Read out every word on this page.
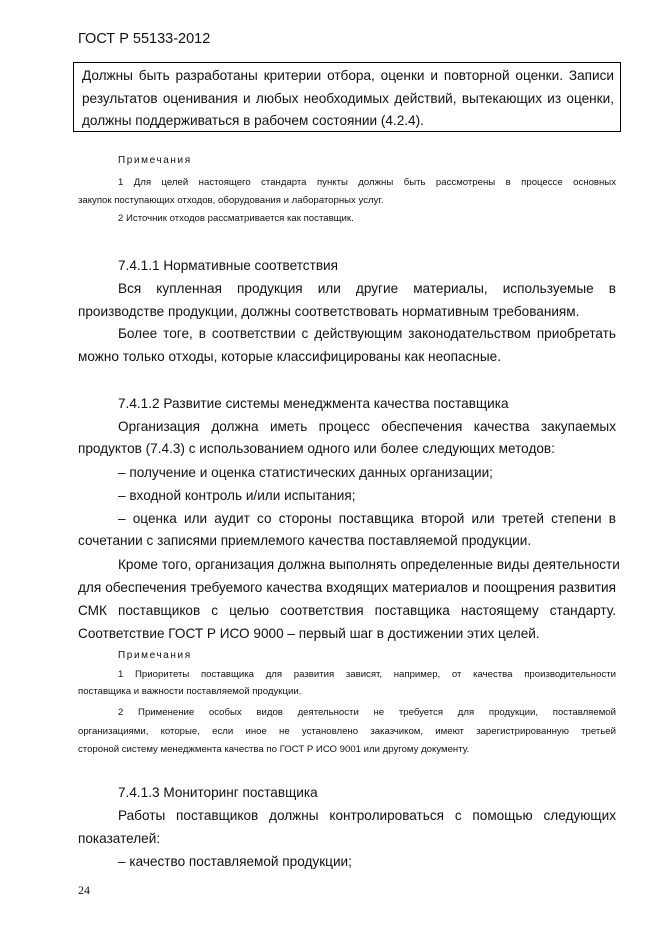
ГОСТ Р 55133-2012

Должны быть разработаны критерии отбора, оценки и повторной оценки. Записи результатов оценивания и любых необходимых действий, вытекающих из оценки, должны поддерживаться в рабочем состоянии (4.2.4).

Примечания
1 Для целей настоящего стандарта пункты должны быть рассмотрены в процессе основных
закупок поступающих отходов, оборудования и лабораторных услуг.
2 Источник отходов рассматривается как поставщик.
7.4.1.1 Нормативные соответствия
Вся купленная продукция или другие материалы, используемые в
производстве продукции, должны соответствовать нормативным требованиям.
Более тоге, в соответствии с действующим законодательством приобретать
можно только отходы, которые классифицированы как неопасные.
7.4.1.2 Развитие системы менеджмента качества поставщика
Организация должна иметь процесс обеспечения качества закупаемых
продуктов (7.4.3) с использованием одного или более следующих методов:
– получение и оценка статистических данных организации;
– входной контроль и/или испытания;
– оценка или аудит со стороны поставщика второй или третей степени в
сочетании с записями приемлемого качества поставляемой продукции.
Кроме того, организация должна выполнять определенные виды деятельности
для обеспечения требуемого качества входящих материалов и поощрения развития
СМК поставщиков с целью соответствия поставщика настоящему стандарту.
Соответствие ГОСТ Р ИСО 9000 – первый шаг в достижении этих целей.
Примечания
1 Приоритеты поставщика для развития зависят, например, от качества производительности
поставщика и важности поставляемой продукции.
2 Применение особых видов деятельности не требуется для продукции, поставляемой
организациями, которые, если иное не установлено заказчиком, имеют зарегистрированную третьей
стороной систему менеджмента качества по ГОСТ Р ИСО 9001 или другому документу.
7.4.1.3 Мониторинг поставщика
Работы поставщиков должны контролироваться с помощью следующих
показателей:
– качество поставляемой продукции;
24
